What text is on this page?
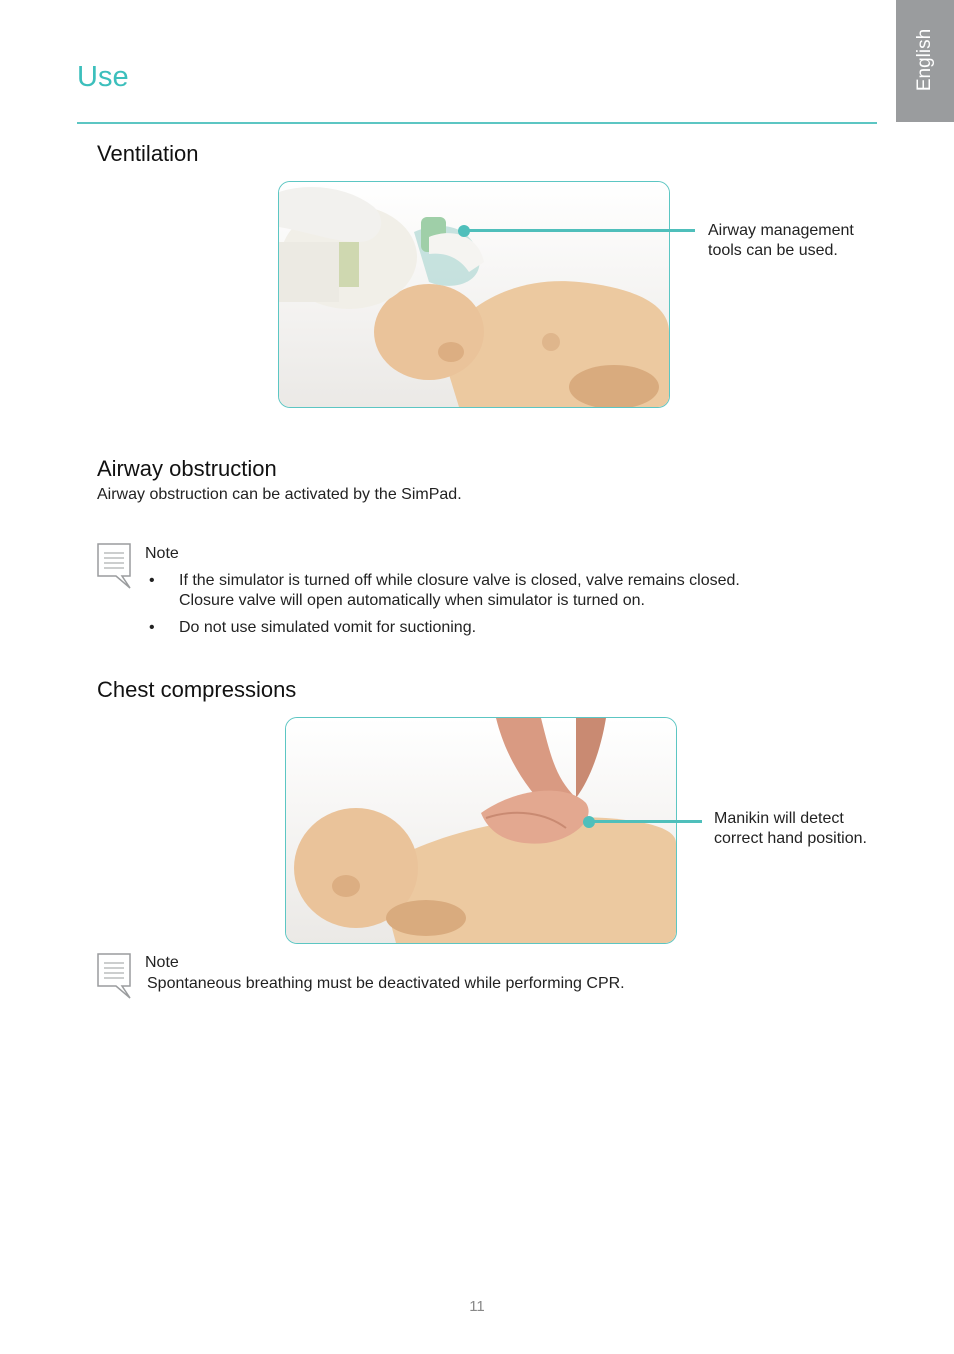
English
Use
Ventilation
Airway management
tools can be used.
Airway obstruction

Airway obstruction can be activated by the SimPad.

Note
• If the simulator is turned off while closure valve is closed, valve remains closed.
Closure valve will open automatically when simulator is turned on.
• Do not use simulated vomit for suctioning.
Chest compressions
Manikin will detect
correct hand position.
Note
Spontaneous breathing must be deactivated while performing CPR.
11
